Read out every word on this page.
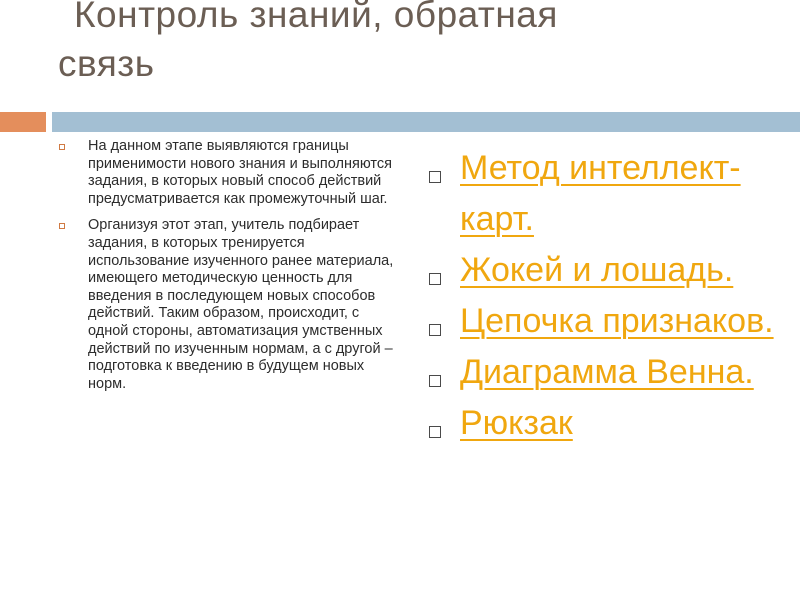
Контроль знаний, обратная
связь
На данном этапе выявляются границы применимости нового знания и выполняются задания, в которых новый способ действий предусматривается как промежуточный шаг.
Организуя этот этап, учитель подбирает задания, в которых тренируется использование изученного ранее материала, имеющего методическую ценность для введения в последующем новых способов действий. Таким образом, происходит, с одной стороны, автоматизация умственных действий по изученным нормам, а с другой – подготовка к введению в будущем новых норм.
Метод интеллект-карт.
Жокей и лошадь.
Цепочка признаков.
Диаграмма Венна.
Рюкзак
